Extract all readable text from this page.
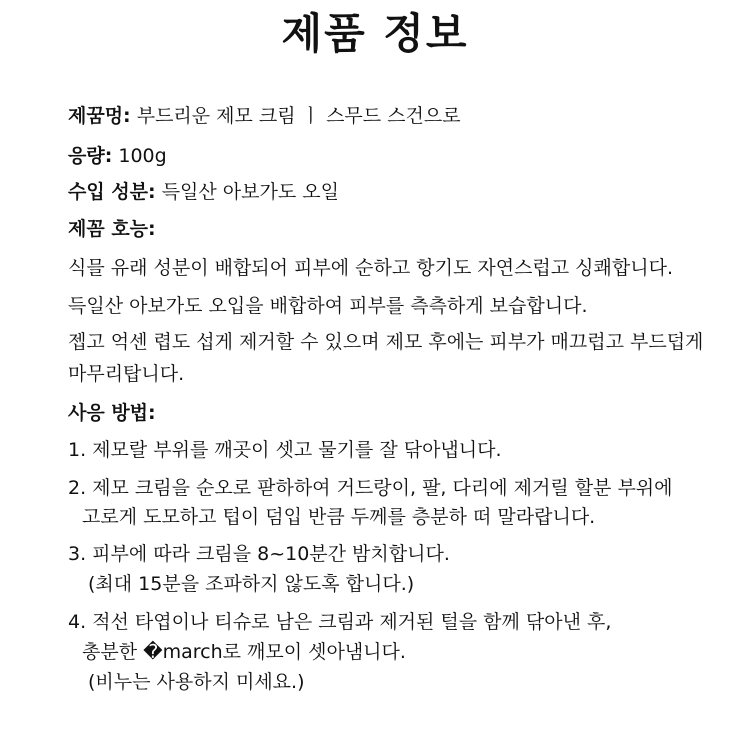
제품 정보
제꿈멍: 부드리운 제모 크림 ㅣ 스무드 스건으로
응량: 100g
수입 성분: 득일산 아보가도 오일
제꼼 호능:
식믈 유래 성분이 배합되어 피부에 순하고 항기도 자연스럽고 싱쾌합니다.
득일산 아보가도 오입을 배합하여 피부를 측측하게 보습합니다.
젭고 억센 렵도 섭게 제거할 수 있으며 제모 후에는 피부가 매끄럽고 부드덥게
마무리탑니다.
사응 방법:
1. 제모랄 부위를 깨곳이 셋고 물기를 잘 닦아냅니다.
2. 제모 크림을 순오로 팓하하여 거드랑이, 팔, 다리에 제거릴 할분 부위에
고로게 도모하고 텁이 덤입 반큼 두께를 층분하 떠 말라랍니다.
3. 피부에 따라 크림을 8~10분간 밤치합니다.
(최대 15분을 조파하지 않도혹 합니다.)
4. 적선 타엽이나 티슈로 남은 크림과 제거된 털을 함께 닦아낸 후,
총분한 �march로 깨모이 셋아냄니다.
(비누는 사용하지 미세요.)
